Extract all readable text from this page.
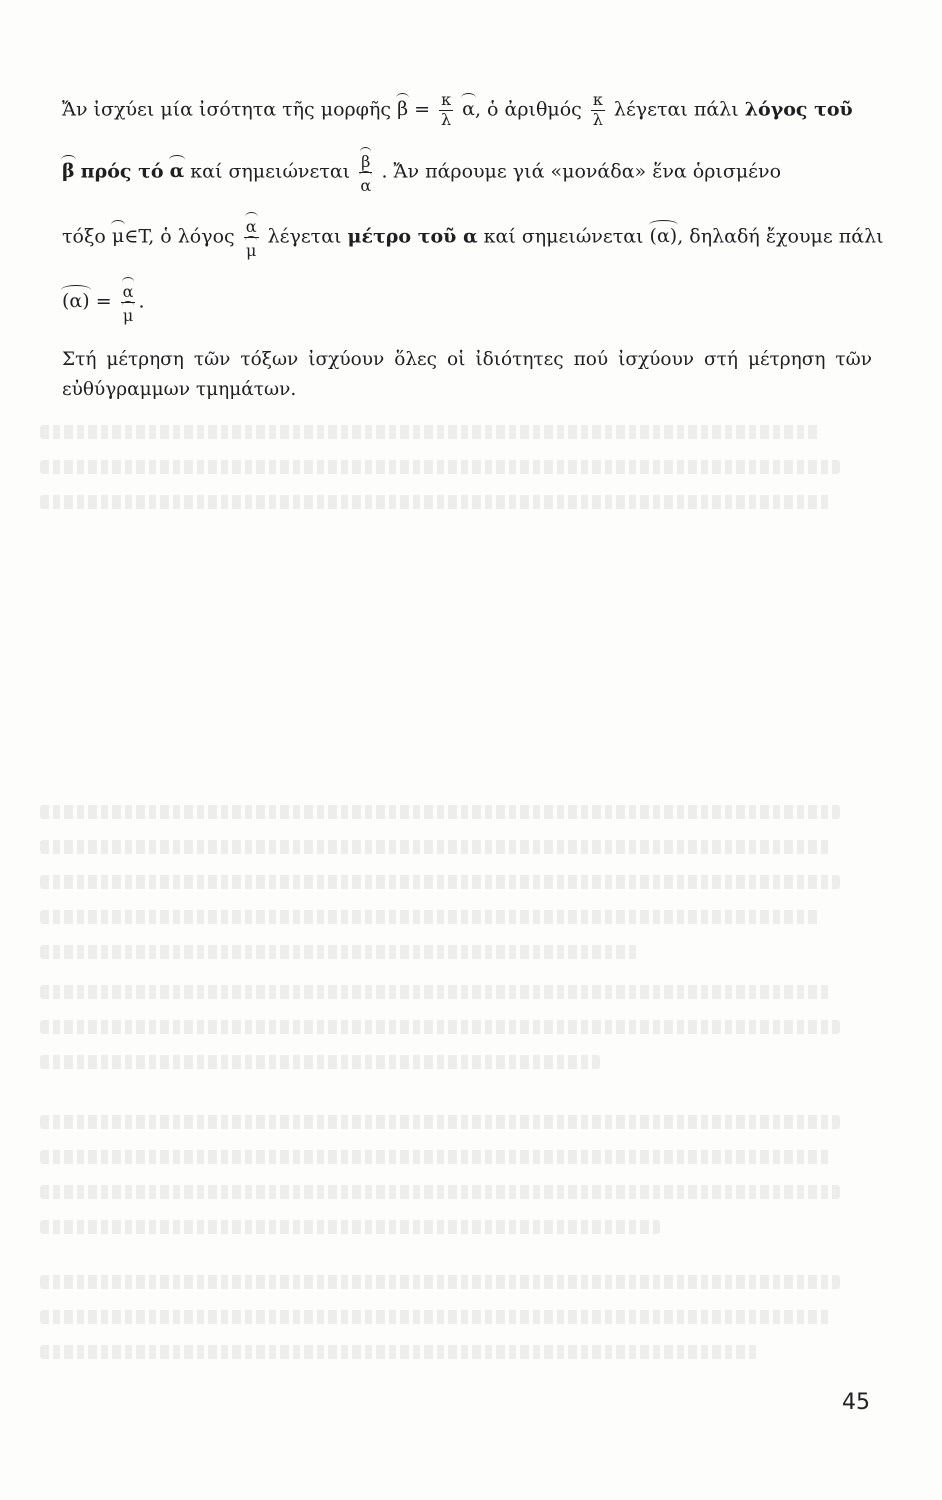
Ἄν ἰσχύει μία ἰσότητα τῆς μορφῆς $\beta = \frac{\kappa}{\lambda} \alpha$, ὁ ἀριθμός $\frac{\kappa}{\lambda}$ λέγεται πάλι λόγος τοῦ
β πρός τό α καί σημειώνεται $\frac{\beta}{\alpha}$ . Ἄν πάρουμε γιά «μονάδα» ἕνα ὁρισμένο
τόξο μ∈T, ὁ λόγος $\frac{\alpha}{\mu}$ λέγεται μέτρο τοῦ α καί σημειώνεται (α), δηλαδή ἔχουμε πάλι
$(\alpha) = \frac{\alpha}{\mu}$ .
Στή μέτρηση τῶν τόξων ἰσχύουν ὅλες οἱ ἰδιότητες πού ἰσχύουν στή μέτρηση τῶν εὐθύγραμμων τμημάτων.
45
